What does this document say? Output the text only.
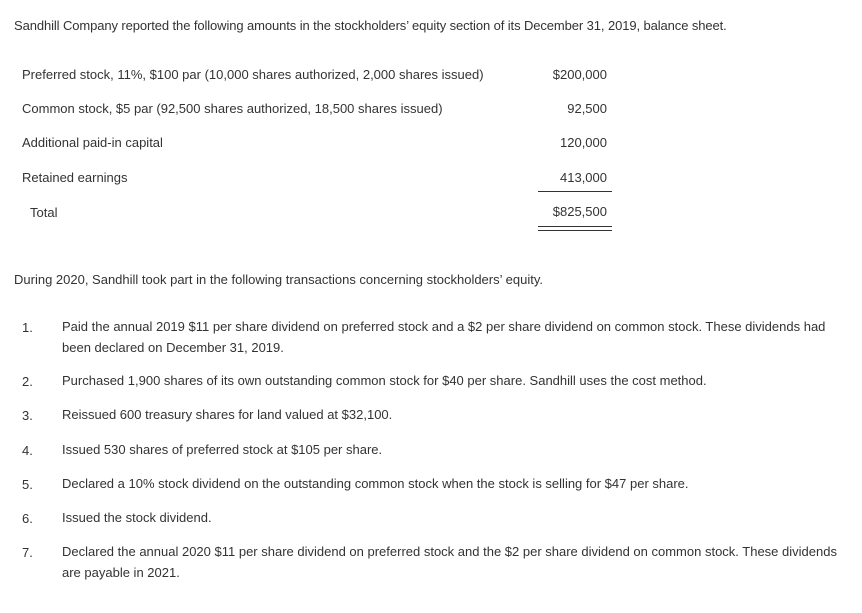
Sandhill Company reported the following amounts in the stockholders’ equity section of its December 31, 2019, balance sheet.
Preferred stock, 11%, $100 par (10,000 shares authorized, 2,000 shares issued)	$200,000
Common stock, $5 par (92,500 shares authorized, 18,500 shares issued)	92,500
Additional paid-in capital	120,000
Retained earnings	413,000
Total	$825,500
During 2020, Sandhill took part in the following transactions concerning stockholders’ equity.
1. Paid the annual 2019 $11 per share dividend on preferred stock and a $2 per share dividend on common stock. These dividends had been declared on December 31, 2019.
2. Purchased 1,900 shares of its own outstanding common stock for $40 per share. Sandhill uses the cost method.
3. Reissued 600 treasury shares for land valued at $32,100.
4. Issued 530 shares of preferred stock at $105 per share.
5. Declared a 10% stock dividend on the outstanding common stock when the stock is selling for $47 per share.
6. Issued the stock dividend.
7. Declared the annual 2020 $11 per share dividend on preferred stock and the $2 per share dividend on common stock. These dividends are payable in 2021.
